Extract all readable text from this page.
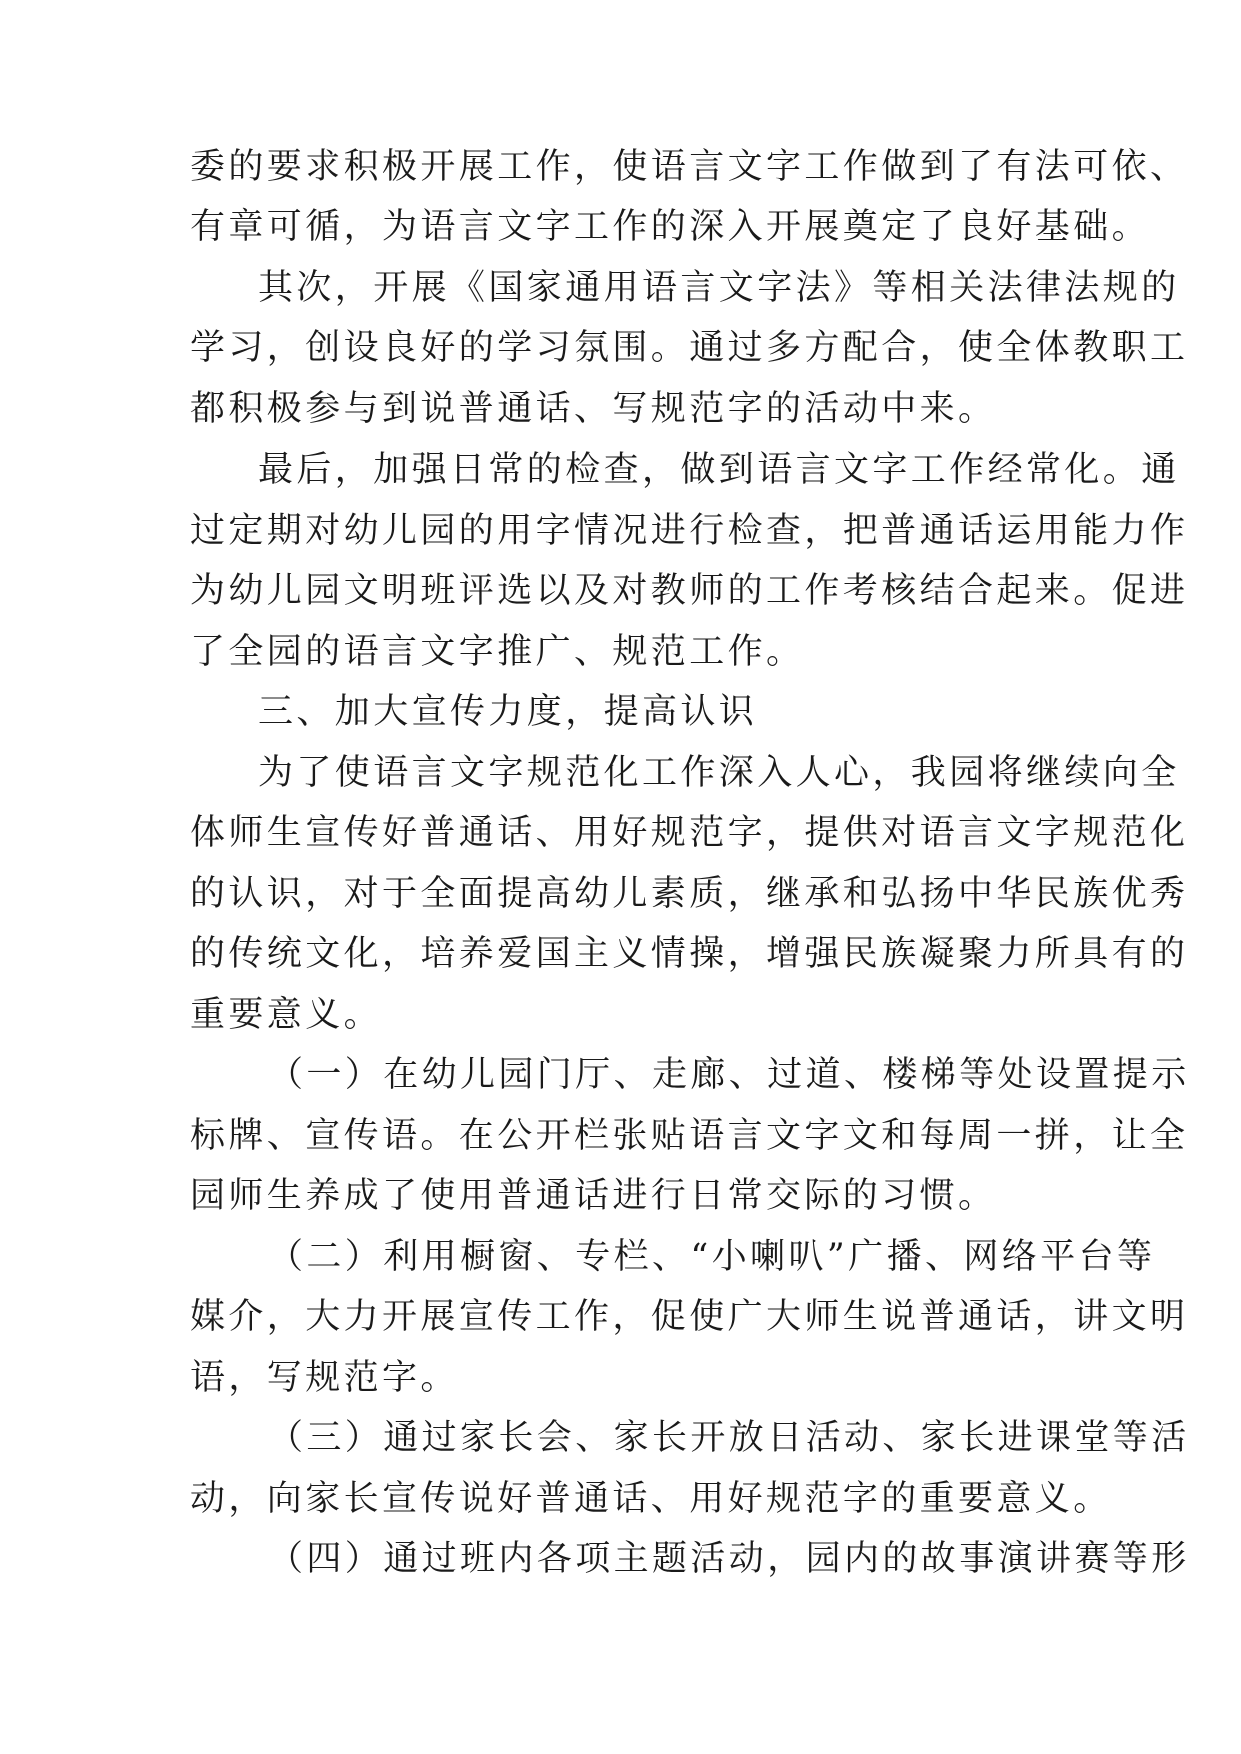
委的要求积极开展工作，使语言文字工作做到了有法可依、
有章可循，为语言文字工作的深入开展奠定了良好基础。
其次，开展《国家通用语言文字法》等相关法律法规的
学习，创设良好的学习氛围。通过多方配合，使全体教职工
都积极参与到说普通话、写规范字的活动中来。
最后，加强日常的检查，做到语言文字工作经常化。通
过定期对幼儿园的用字情况进行检查，把普通话运用能力作
为幼儿园文明班评选以及对教师的工作考核结合起来。促进
了全园的语言文字推广、规范工作。
三、加大宣传力度，提高认识
为了使语言文字规范化工作深入人心，我园将继续向全
体师生宣传好普通话、用好规范字，提供对语言文字规范化
的认识，对于全面提高幼儿素质，继承和弘扬中华民族优秀
的传统文化，培养爱国主义情操，增强民族凝聚力所具有的
重要意义。
（一）在幼儿园门厅、走廊、过道、楼梯等处设置提示
标牌、宣传语。在公开栏张贴语言文字文和每周一拼，让全
园师生养成了使用普通话进行日常交际的习惯。
（二）利用橱窗、专栏、“小喇叭”广播、网络平台等
媒介，大力开展宣传工作，促使广大师生说普通话，讲文明
语，写规范字。
（三）通过家长会、家长开放日活动、家长进课堂等活
动，向家长宣传说好普通话、用好规范字的重要意义。
（四）通过班内各项主题活动，园内的故事演讲赛等形
